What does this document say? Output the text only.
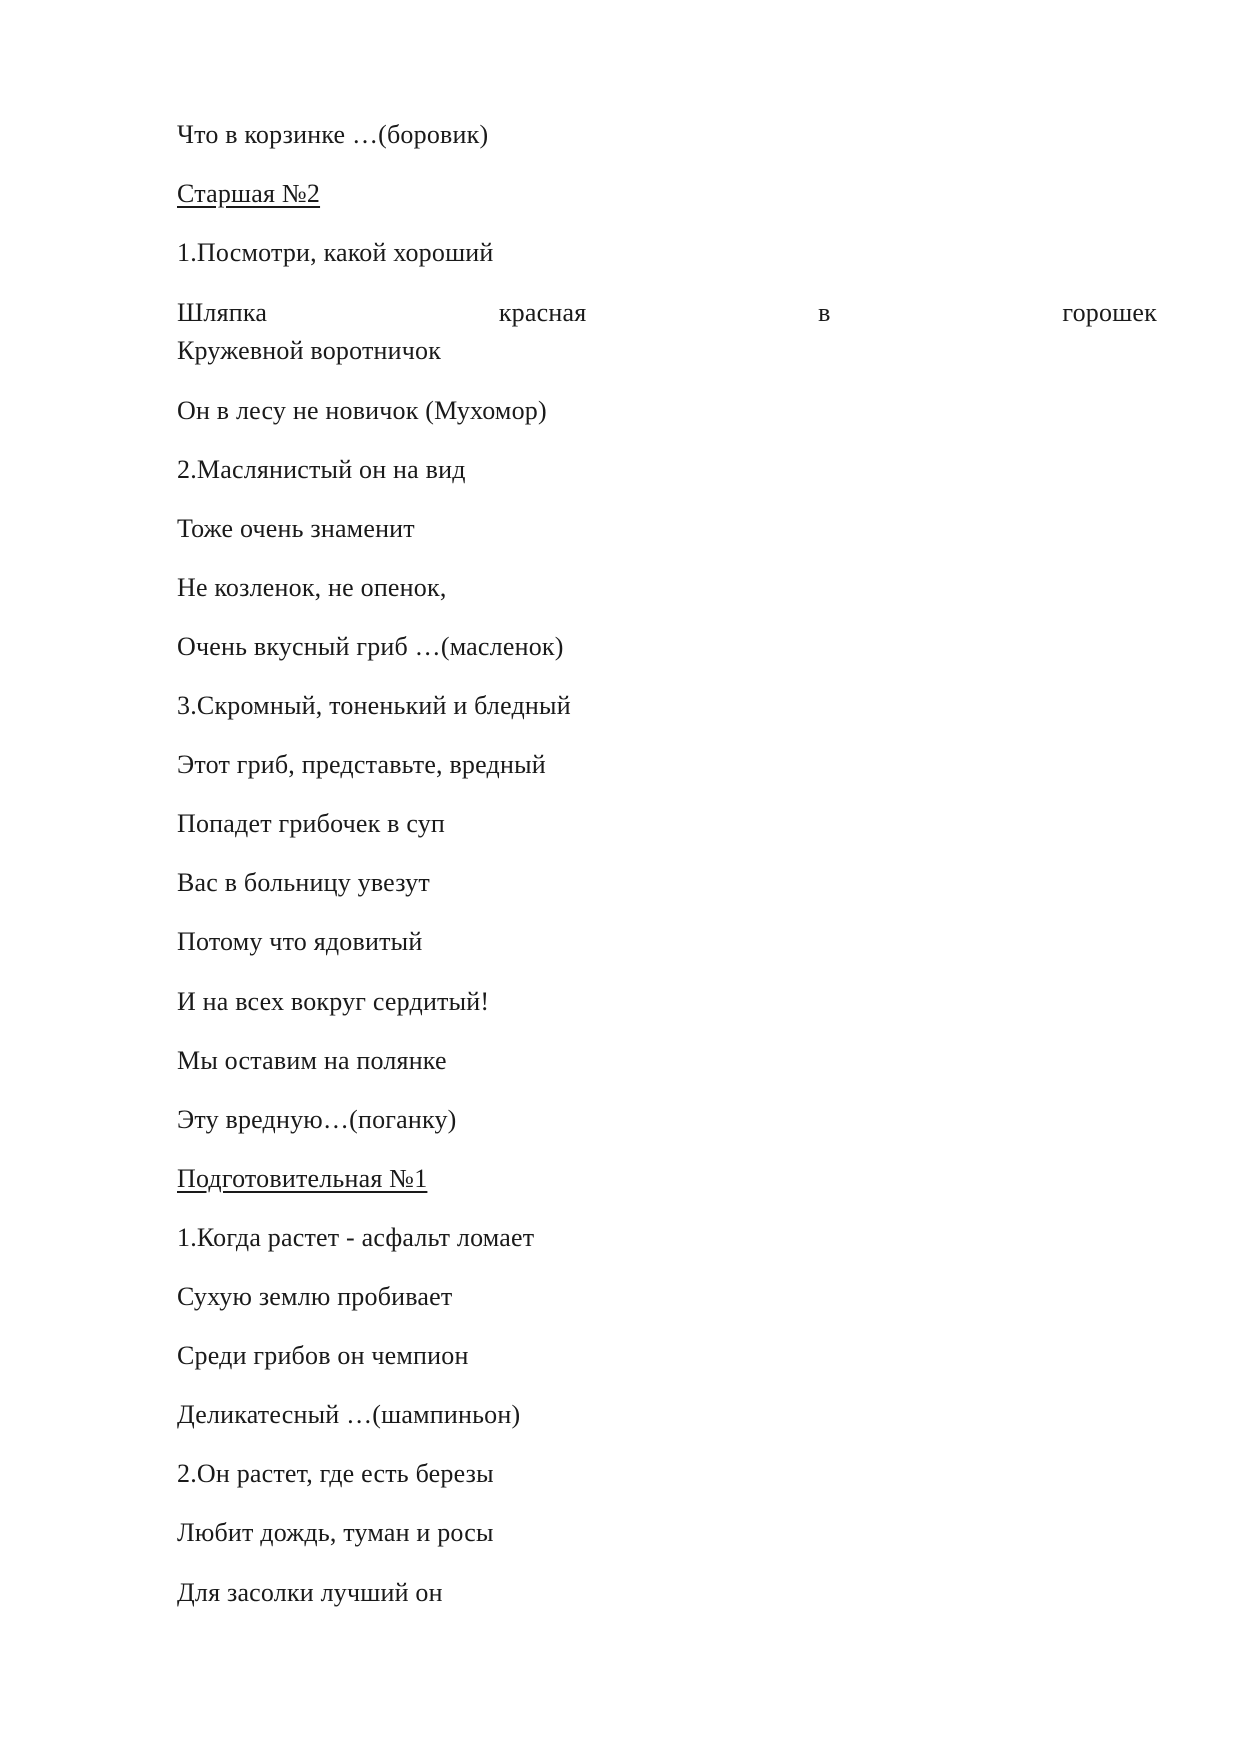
Что в корзинке …(боровик)
Старшая №2
1.Посмотри, какой хороший
Шляпка	красная	в	горошек
Кружевной воротничок
Он в лесу не новичок (Мухомор)
2.Маслянистый он на вид
Тоже очень знаменит
Не козленок, не опенок,
Очень вкусный гриб …(масленок)
3.Скромный, тоненький и бледный
Этот гриб, представьте, вредный
Попадет грибочек в суп
Вас в больницу увезут
Потому что ядовитый
И на всех вокруг сердитый!
Мы оставим на полянке
Эту вредную…(поганку)
Подготовительная №1
1.Когда растет - асфальт ломает
Сухую землю пробивает
Среди грибов он чемпион
Деликатесный …(шампиньон)
2.Он растет, где есть березы
Любит дождь, туман и росы
Для засолки лучший он
